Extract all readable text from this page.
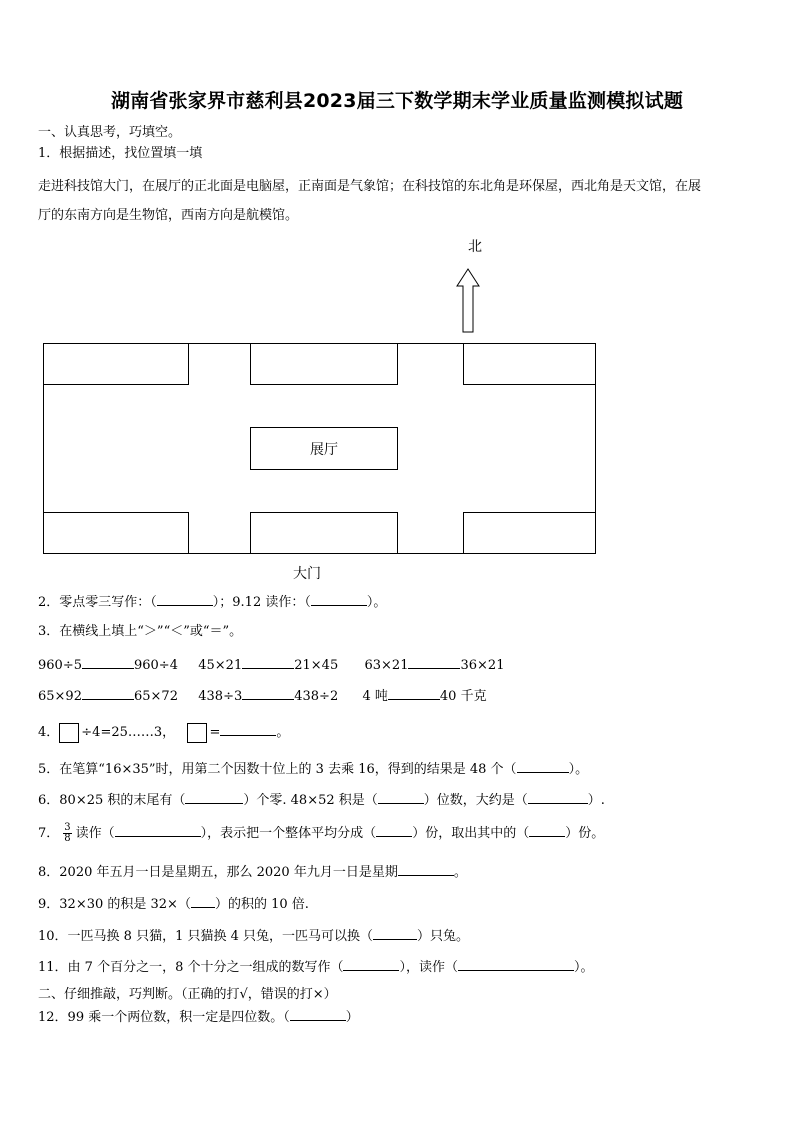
湖南省张家界市慈利县2023届三下数学期末学业质量监测模拟试题
一、认真思考，巧填空。
1．根据描述，找位置填一填
走进科技馆大门，在展厅的正北面是电脑屋，正南面是气象馆；在科技馆的东北角是环保屋，西北角是天文馆，在展
厅的东南方向是生物馆，西南方向是航模馆。
北
展厅
大门
2．零点零三写作：（	）；9.12 读作：（	）。
3．在横线上填上“＞”“＜”或“＝”。
960÷5	960÷4 45×21	21×45 63×21	36×21
65×92	65×72 438÷3	438÷2 4 吨	40 千克
4． ÷4=25……3，	=	。
5．在笔算“16×35”时，用第二个因数十位上的 3 去乘 16，得到的结果是 48 个（	）。
6．80×25 积的末尾有（	）个零. 48×52 积是（	）位数，大约是（	）.
7． $\frac{3}{8}$ 读作（	），表示把一个整体平均分成（	）份，取出其中的（	）份。
8．2020 年五月一日是星期五，那么 2020 年九月一日是星期	。
9．32×30 的积是 32×（ ）的积的 10 倍.
10．一匹马换 8 只猫，1 只猫换 4 只兔，一匹马可以换（	）只兔。
11．由 7 个百分之一，8 个十分之一组成的数写作（	），读作（	）。
二、仔细推敲，巧判断。（正确的打√，错误的打×）
12．99 乘一个两位数，积一定是四位数。（	）
